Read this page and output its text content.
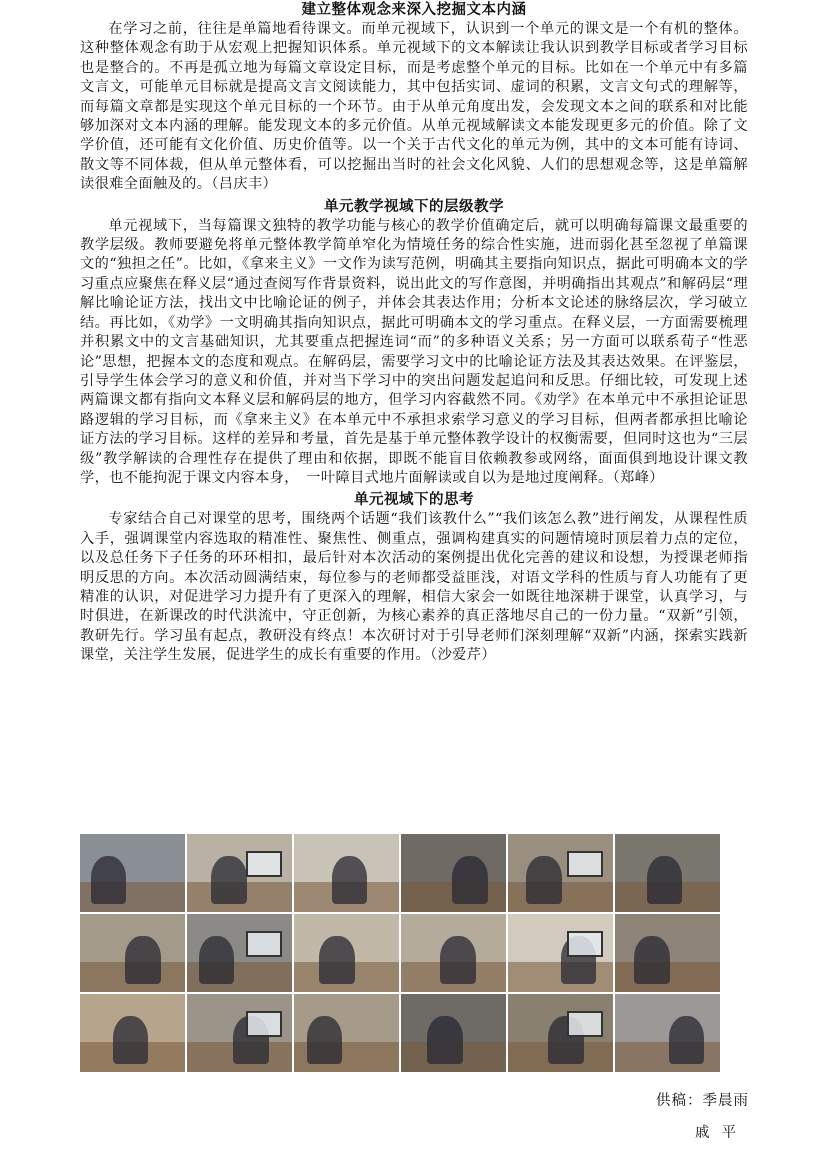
建立整体观念来深入挖掘文本内涵

在学习之前，往往是单篇地看待课文。而单元视域下，认识到一个单元的课文是一个有机的整体。这种整体观念有助于从宏观上把握知识体系。单元视域下的文本解读让我认识到教学目标或者学习目标也是整合的。不再是孤立地为每篇文章设定目标，而是考虑整个单元的目标。比如在一个单元中有多篇文言文，可能单元目标就是提高文言文阅读能力，其中包括实词、虚词的积累，文言文句式的理解等，而每篇文章都是实现这个单元目标的一个环节。由于从单元角度出发，会发现文本之间的联系和对比能够加深对文本内涵的理解。能发现文本的多元价值。从单元视域解读文本能发现更多元的价值。除了文学价值，还可能有文化价值、历史价值等。以一个关于古代文化的单元为例，其中的文本可能有诗词、散文等不同体裁，但从单元整体看，可以挖掘出当时的社会文化风貌、人们的思想观念等，这是单篇解读很难全面触及的。（吕庆丰）

单元教学视域下的层级教学

单元视域下，当每篇课文独特的教学功能与核心的教学价值确定后，就可以明确每篇课文最重要的教学层级。教师要避免将单元整体教学简单窄化为情境任务的综合性实施，进而弱化甚至忽视了单篇课文的“独担之任”。比如，《拿来主义》一文作为读写范例，明确其主要指向知识点，据此可明确本文的学习重点应聚焦在释义层“通过查阅写作背景资料，说出此文的写作意图，并明确指出其观点”和解码层“理解比喻论证方法，找出文中比喻论证的例子，并体会其表达作用；分析本文论述的脉络层次，学习破立结。再比如，《劝学》一文明确其指向知识点，据此可明确本文的学习重点。在释义层，一方面需要梳理并积累文中的文言基础知识，尤其要重点把握连词“而”的多种语义关系；另一方面可以联系荀子“性恶论”思想，把握本文的态度和观点。在解码层，需要学习文中的比喻论证方法及其表达效果。在评鉴层，引导学生体会学习的意义和价值，并对当下学习中的突出问题发起追问和反思。仔细比较，可发现上述两篇课文都有指向文本释义层和解码层的地方，但学习内容截然不同。《劝学》在本单元中不承担论证思路逻辑的学习目标，而《拿来主义》在本单元中不承担求索学习意义的学习目标，但两者都承担比喻论证方法的学习目标。这样的差异和考量，首先是基于单元整体教学设计的权衡需要，但同时这也为“三层级”教学解读的合理性存在提供了理由和依据，即既不能盲目依赖教参或网络，面面俱到地设计课文教学，也不能拘泥于课文内容本身，　一叶障目式地片面解读或自以为是地过度阐释。（郑峰）

单元视域下的思考

专家结合自己对课堂的思考，围绕两个话题“我们该教什么”“我们该怎么教”进行阐发，从课程性质入手，强调课堂内容选取的精准性、聚焦性、侧重点，强调构建真实的问题情境时顶层着力点的定位，以及总任务下子任务的环环相扣，最后针对本次活动的案例提出优化完善的建议和设想，为授课老师指明反思的方向。本次活动圆满结束，每位参与的老师都受益匪浅，对语文学科的性质与育人功能有了更精准的认识，对促进学习力提升有了更深入的理解，相信大家会一如既往地深耕于课堂，认真学习，与时俱进，在新课改的时代洪流中，守正创新，为核心素养的真正落地尽自己的一份力量。“双新”引领，教研先行。学习虽有起点，教研没有终点！本次研讨对于引导老师们深刻理解“双新”内涵，探索实践新课堂，关注学生发展，促进学生的成长有重要的作用。（沙爱芹）

供稿：季晨雨
戚平
